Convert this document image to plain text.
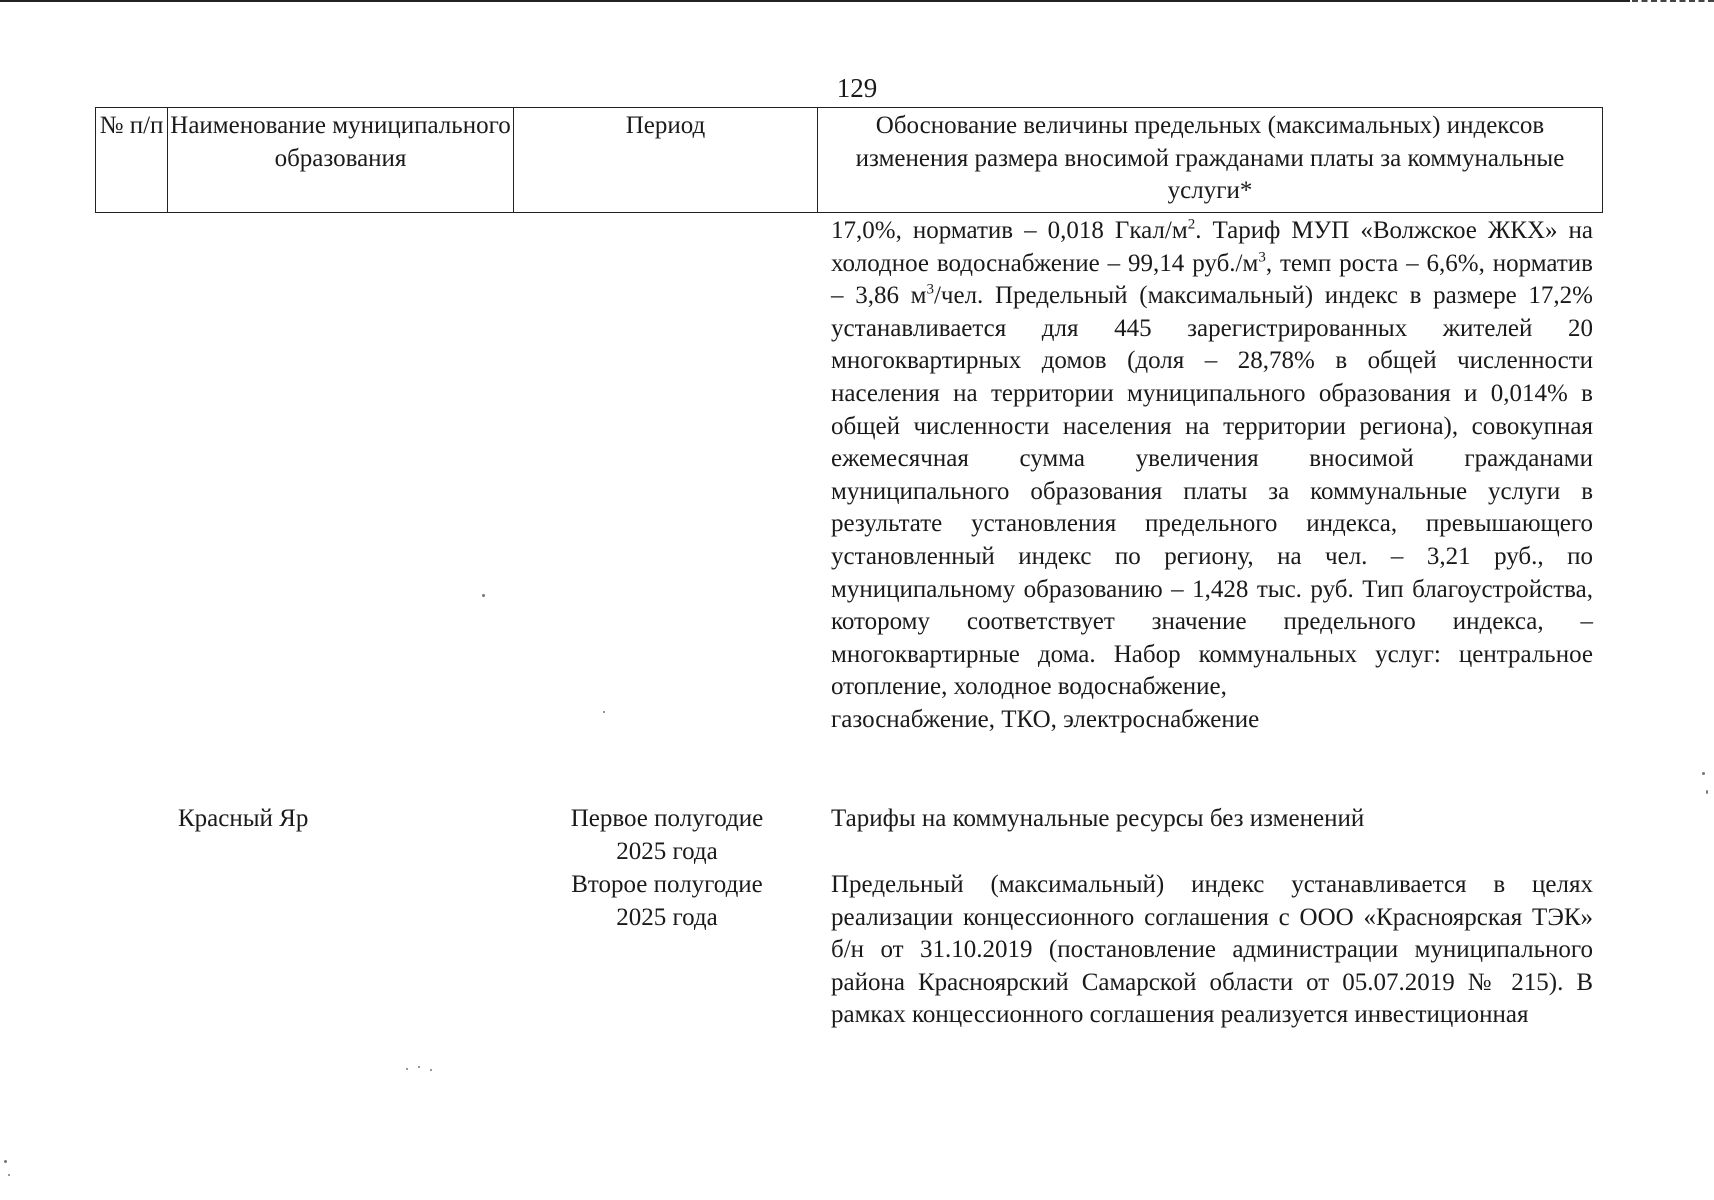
129
№ п/п Наименование муниципального образования
Период	Обоснование величины предельных (максимальных) индексов изменения размера вносимой гражданами платы за коммунальные услуги*
17,0%, норматив – 0,018 Гкал/$м^2$. Тариф МУП «Волжское ЖКХ» на холодное водоснабжение – 99,14 $руб./м^3$, темп роста – 6,6%, норматив – 3,86 $м^3$/чел. Предельный (максимальный) индекс в размере 17,2% устанавливается для 445 зарегистрированных жителей 20 многоквартирных домов (доля – 28,78% в общей численности населения на территории муниципального образования и 0,014% в общей численности населения на территории региона), совокупная ежемесячная сумма увеличения вносимой гражданами муниципального образования платы за коммунальные услуги в результате установления предельного индекса, превышающего установленный индекс по региону, на чел. – 3,21 руб., по муниципальному образованию – 1,428 тыс. руб. Тип благоустройства, которому соответствует значение предельного индекса, – многоквартирные дома. Набор коммунальных услуг: центральное отопление, холодное водоснабжение,
газоснабжение, ТКО, электроснабжение
Красный Яр	Первое полугодие 2025 года
Тарифы на коммунальные ресурсы без изменений
Второе полугодие 2025 года
Предельный (максимальный) индекс устанавливается в целях реализации концессионного соглашения с ООО «Красноярская ТЭК» б/н от 31.10.2019 (постановление администрации муниципального района Красноярский Самарской области от 05.07.2019 № 215). В рамках концессионного соглашения реализуется инвестиционная
